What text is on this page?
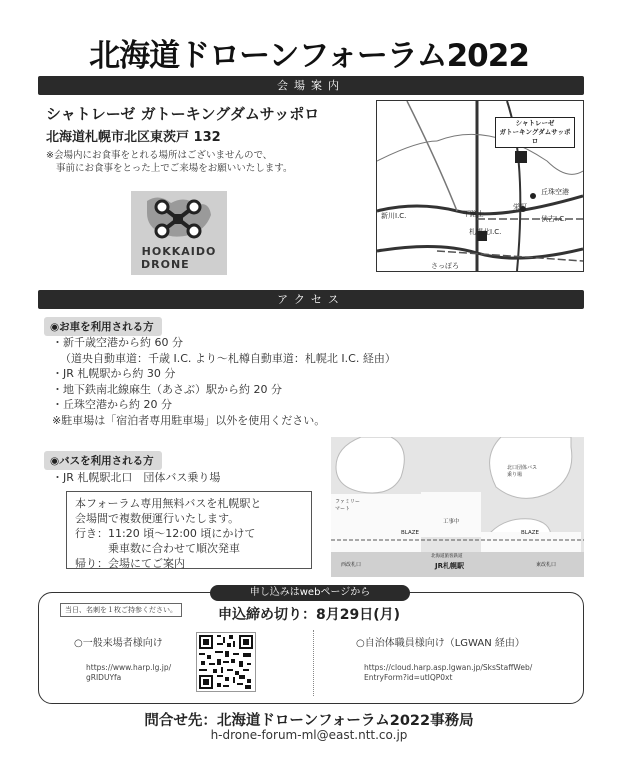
北海道ドローンフォーラム2022
会場案内
シャトレーゼ ガトーキングダムサッポロ
北海道札幌市北区東茨戸 132
※会場内にお食事をとれる場所はございませんので、
事前にお食事をとった上でご来場をお願いいたします。
HOKKAIDO
DRONE
シャトレーゼ
ガトーキングダムサッポロ
丘珠空港
新川I.C.
栄町
伏古I.C.
札幌北I.C.
下路士
さっぽろ
アクセス
◉お車を利用される方
・新千歳空港から約 60 分
（道央自動車道：千歳 I.C. より〜札樽自動車道：札幌北 I.C. 経由）
・JR 札幌駅から約 30 分
・地下鉄南北線麻生（あさぶ）駅から約 20 分
・丘珠空港から約 20 分
※駐車場は「宿泊者専用駐車場」以外を使用ください。
◉バスを利用される方
・JR 札幌駅北口　団体バス乗り場
本フォーラム専用無料バスを札幌駅と
会場間で複数便運行いたします。
行き：11:20 頃〜12:00 頃にかけて
　　　乗車数に合わせて順次発車
帰り：会場にてご案内
ファミリー マート
工事中
BLAZE	BLAZE
北口団体バス乗り場
JR札幌駅
北海道旅客鉄道
西改札口	東改札口
申し込みはwebページから
当日、名刺を１枚ご持参ください。	申込締め切り：8月29日(月)
○一般来場者様向け
https://www.harp.lg.jp/
gRIDUYfa
○自治体職員様向け（LGWAN 経由）
https://cloud.harp.asp.lgwan.jp/SksStaffWeb/
EntryForm?id=utIQP0xt
問合せ先：北海道ドローンフォーラム2022事務局
h-drone-forum-ml@east.ntt.co.jp
